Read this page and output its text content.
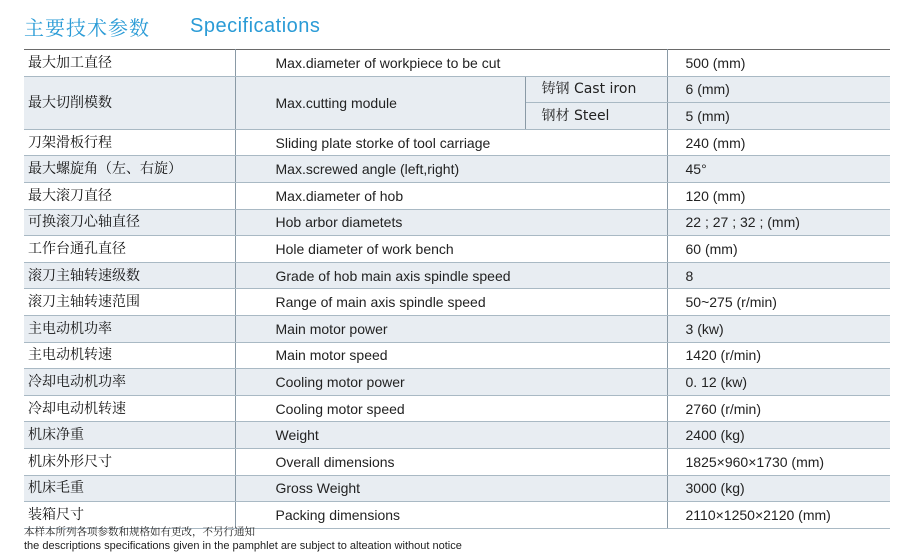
主要技术参数 Specifications
最大加工直径	Max.diameter of workpiece to be cut		500 (mm)
最大切削模数	Max.cutting module	铸钢 Cast iron	6 (mm)
		钢材 Steel	5 (mm)
刀架滑板行程	Sliding plate storke of tool carriage		240 (mm)
最大螺旋角（左、右旋）	Max.screwed angle (left,right)		45°
最大滚刀直径	Max.diameter of hob		120 (mm)
可换滚刀心轴直径	Hob arbor diametets		22 ; 27 ; 32 ; (mm)
工作台通孔直径	Hole diameter of work bench		60 (mm)
滚刀主轴转速级数	Grade of hob main axis spindle speed		8
滚刀主轴转速范围	Range of main axis spindle speed		50~275 (r/min)
主电动机功率	Main motor power		3 (kw)
主电动机转速	Main motor speed		1420 (r/min)
冷却电动机功率	Cooling motor power		0. 12 (kw)
冷却电动机转速	Cooling motor speed		2760 (r/min)
机床净重	Weight		2400 (kg)
机床外形尺寸	Overall dimensions		1825×960×1730 (mm)
机床毛重	Gross Weight		3000 (kg)
装箱尺寸	Packing dimensions		2110×1250×2120 (mm)
本样本所列各项参数和规格如有更改，不另行通知
the descriptions specifications given in the pamphlet are subject to alteation without notice
